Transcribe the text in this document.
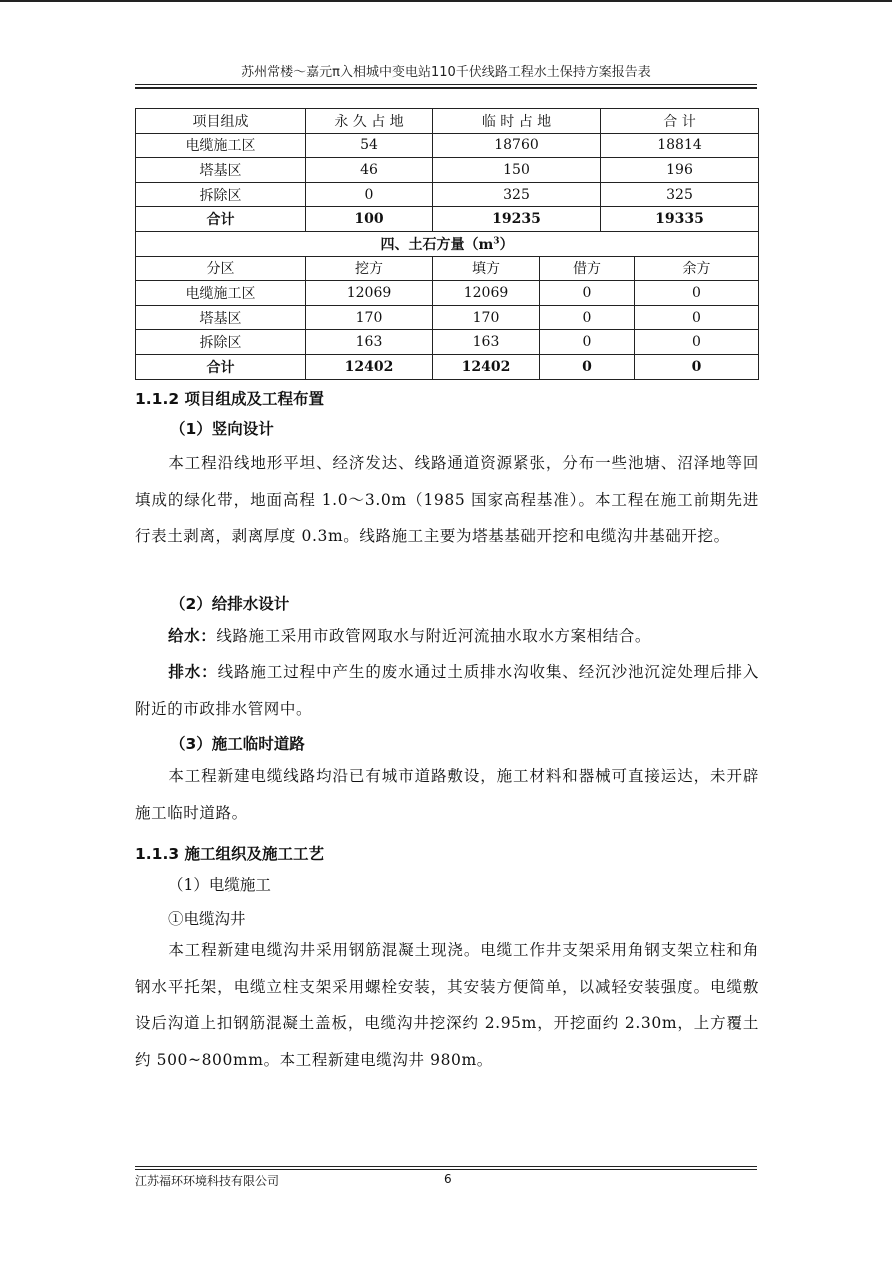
苏州常楼～嘉元π入相城中变电站110千伏线路工程水土保持方案报告表
项目组成	永 久 占 地	临 时 占 地	合 计
电缆施工区	54	18760	18814
塔基区	46	150	196
拆除区	0	325	325
合计	100	19235	19335
四、土石方量$(m^3)$				
分区	挖方	填方	借方	余方
电缆施工区	12069	12069	0	0
塔基区	170	170	0	0
拆除区	163	163	0	0
合计	12402	12402	0	0
1.1.2 项目组成及工程布置
（1）竖向设计
本工程沿线地形平坦、经济发达、线路通道资源紧张，分布一些池塘、沼泽地等回填成的绿化带，地面高程 1.0～3.0m（1985 国家高程基准）。本工程在施工前期先进行表土剥离，剥离厚度 0.3m。线路施工主要为塔基基础开挖和电缆沟井基础开挖。
（2）给排水设计
给水：线路施工采用市政管网取水与附近河流抽水取水方案相结合。
排水：线路施工过程中产生的废水通过土质排水沟收集、经沉沙池沉淀处理后排入附近的市政排水管网中。
（3）施工临时道路
本工程新建电缆线路均沿已有城市道路敷设，施工材料和器械可直接运达，未开辟施工临时道路。
1.1.3 施工组织及施工工艺
（1）电缆施工
①电缆沟井
本工程新建电缆沟井采用钢筋混凝土现浇。电缆工作井支架采用角钢支架立柱和角钢水平托架，电缆立柱支架采用螺栓安装，其安装方便简单，以减轻安装强度。电缆敷设后沟道上扣钢筋混凝土盖板，电缆沟井挖深约 2.95m，开挖面约 2.30m，上方覆土约 500~800mm。本工程新建电缆沟井 980m。
江苏福环环境科技有限公司	6
